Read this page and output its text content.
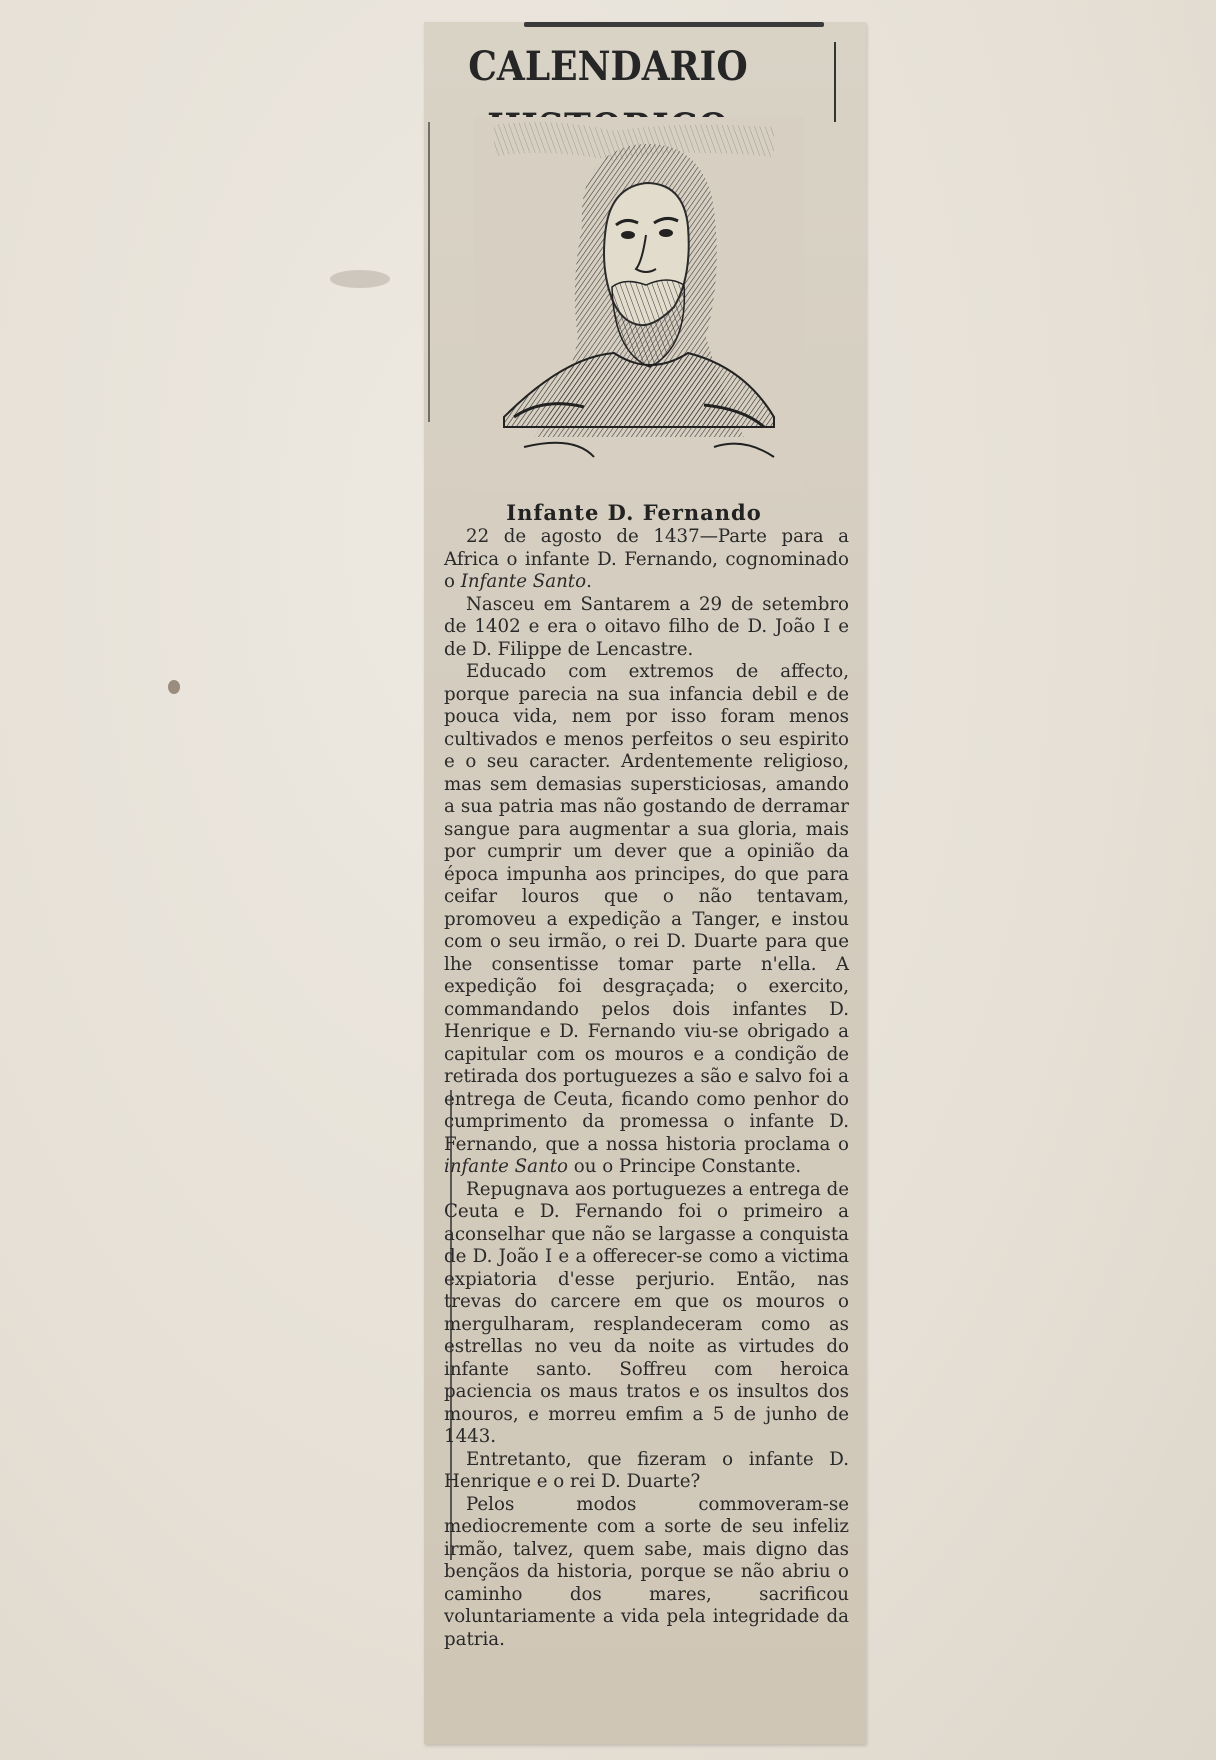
CALENDARIO
Infante D. Fernando

22 de agosto de 1437—Parte para a Africa o infante D. Fernando, cognominado o Infante Santo.

Nasceu em Santarem a 29 de setembro de 1402 e era o oitavo filho de D. João I e de D. Filippe de Lencastre.

Educado com extremos de affecto, porque parecia na sua infancia debil e de pouca vida, nem por isso foram menos cultivados e menos perfeitos o seu espirito e o seu caracter. Ardentemente religioso, mas sem demasias supersticiosas, amando a sua patria mas não gostando de derramar sangue para augmentar a sua gloria, mais por cumprir um dever que a opinião da época impunha aos principes, do que para ceifar louros que o não tentavam, promoveu a expedição a Tanger, e instou com o seu irmão, o rei D. Duarte para que lhe consentisse tomar parte n'ella. A expedição foi desgraçada; o exercito, commandando pelos dois infantes D. Henrique e D. Fernando viu-se obrigado a capitular com os mouros e a condição de retirada dos portuguezes a são e salvo foi a entrega de Ceuta, ficando como penhor do cumprimento da promessa o infante D. Fernando, que a nossa historia proclama o infante Santo ou o Principe Constante.

Repugnava aos portuguezes a entrega de Ceuta e D. Fernando foi o primeiro a aconselhar que não se largasse a conquista de D. João I e a offerecer-se como a victima expiatoria d'esse perjurio. Então, nas trevas do carcere em que os mouros o mergulharam, resplandeceram como as estrellas no veu da noite as virtudes do infante santo. Soffreu com heroica paciencia os maus tratos e os insultos dos mouros, e morreu emfim a 5 de junho de 1443.

Entretanto, que fizeram o infante D. Henrique e o rei D. Duarte?

Pelos modos commoveram-se mediocremente com a sorte de seu infeliz irmão, talvez, quem sabe, mais digno das bençãos da historia, porque se não abriu o caminho dos mares, sacrificou voluntariamente a vida pela integridade da patria.
